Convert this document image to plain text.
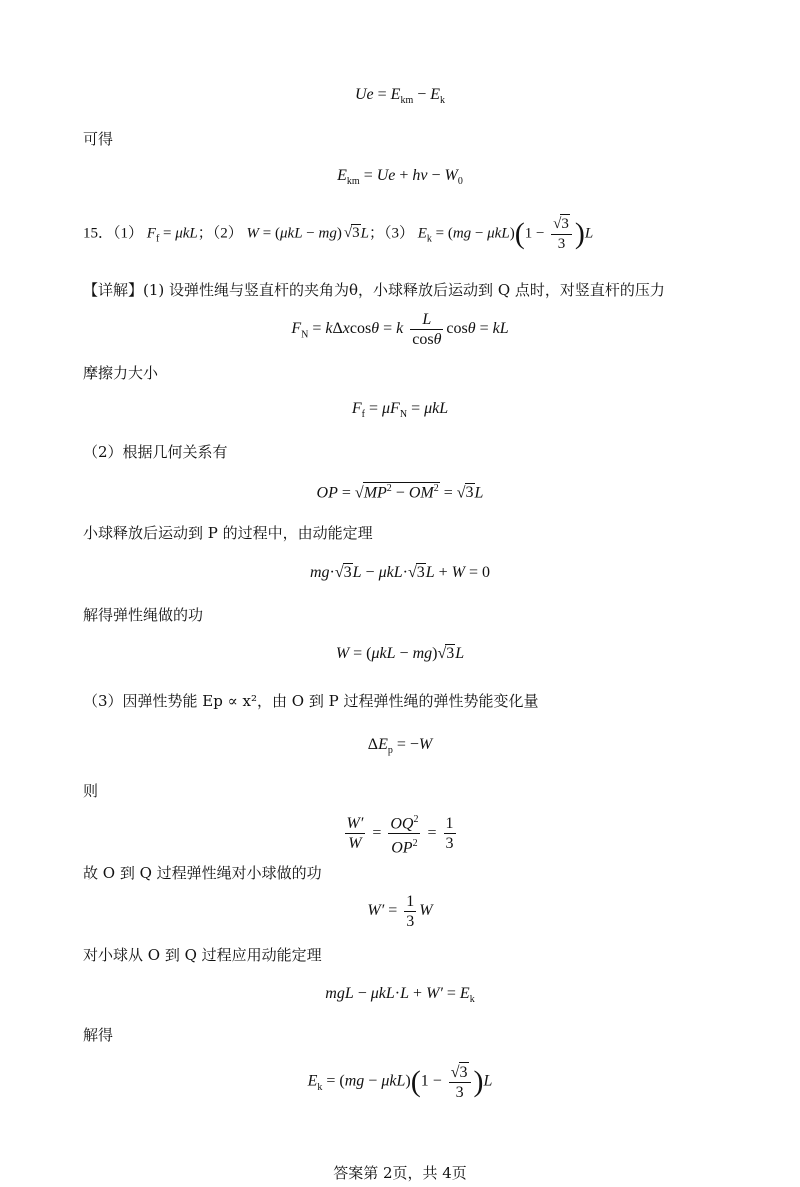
$Ue = E_{km} - E_k$
可得
$E_{km} = Ue + h\nu - W_0$
15．（1） $F_f = \mu kL$；（2） W = (μkL − mg) √3L；（3） $E_k = (mg - \mu kL)(1 - \frac{√3}{3} )L$
【详解】(1) 设弹性绳与竖直杆的夹角为θ，小球释放后运动到 Q 点时，对竖直杆的压力
$F_N = k\Delta xcos\theta = k \frac{L}{\cos\theta}$ cosθ = kL
摩擦力大小
$F_f = \mu F_N = \mu kL$
（2）根据几何关系有
OP = $√MP^2 - OM^2 = √3L$
小球释放后运动到 P 的过程中，由动能定理
mg·√3L − μkL·√3L + W = 0
解得弹性绳做的功
W = (μkL − mg)√3L
（3）因弹性势能 Ep ∝ x²，由 O 到 P 过程弹性绳的弹性势能变化量
$\Delta E_p = -W$
则
$\frac{W'}{W} = \frac{OQ^2}{OP^2} = \frac{1}{3}$
故 O 到 Q 过程弹性绳对小球做的功
$W' = \frac{1}{3}$ W
对小球从 O 到 Q 过程应用动能定理
mgL − $\mu kL\cdot L + W' = E_k$
解得
$E_k = (mg - \mu kL)(1 - \frac{√3}{3} )L$
答案第 2页，共 4页
